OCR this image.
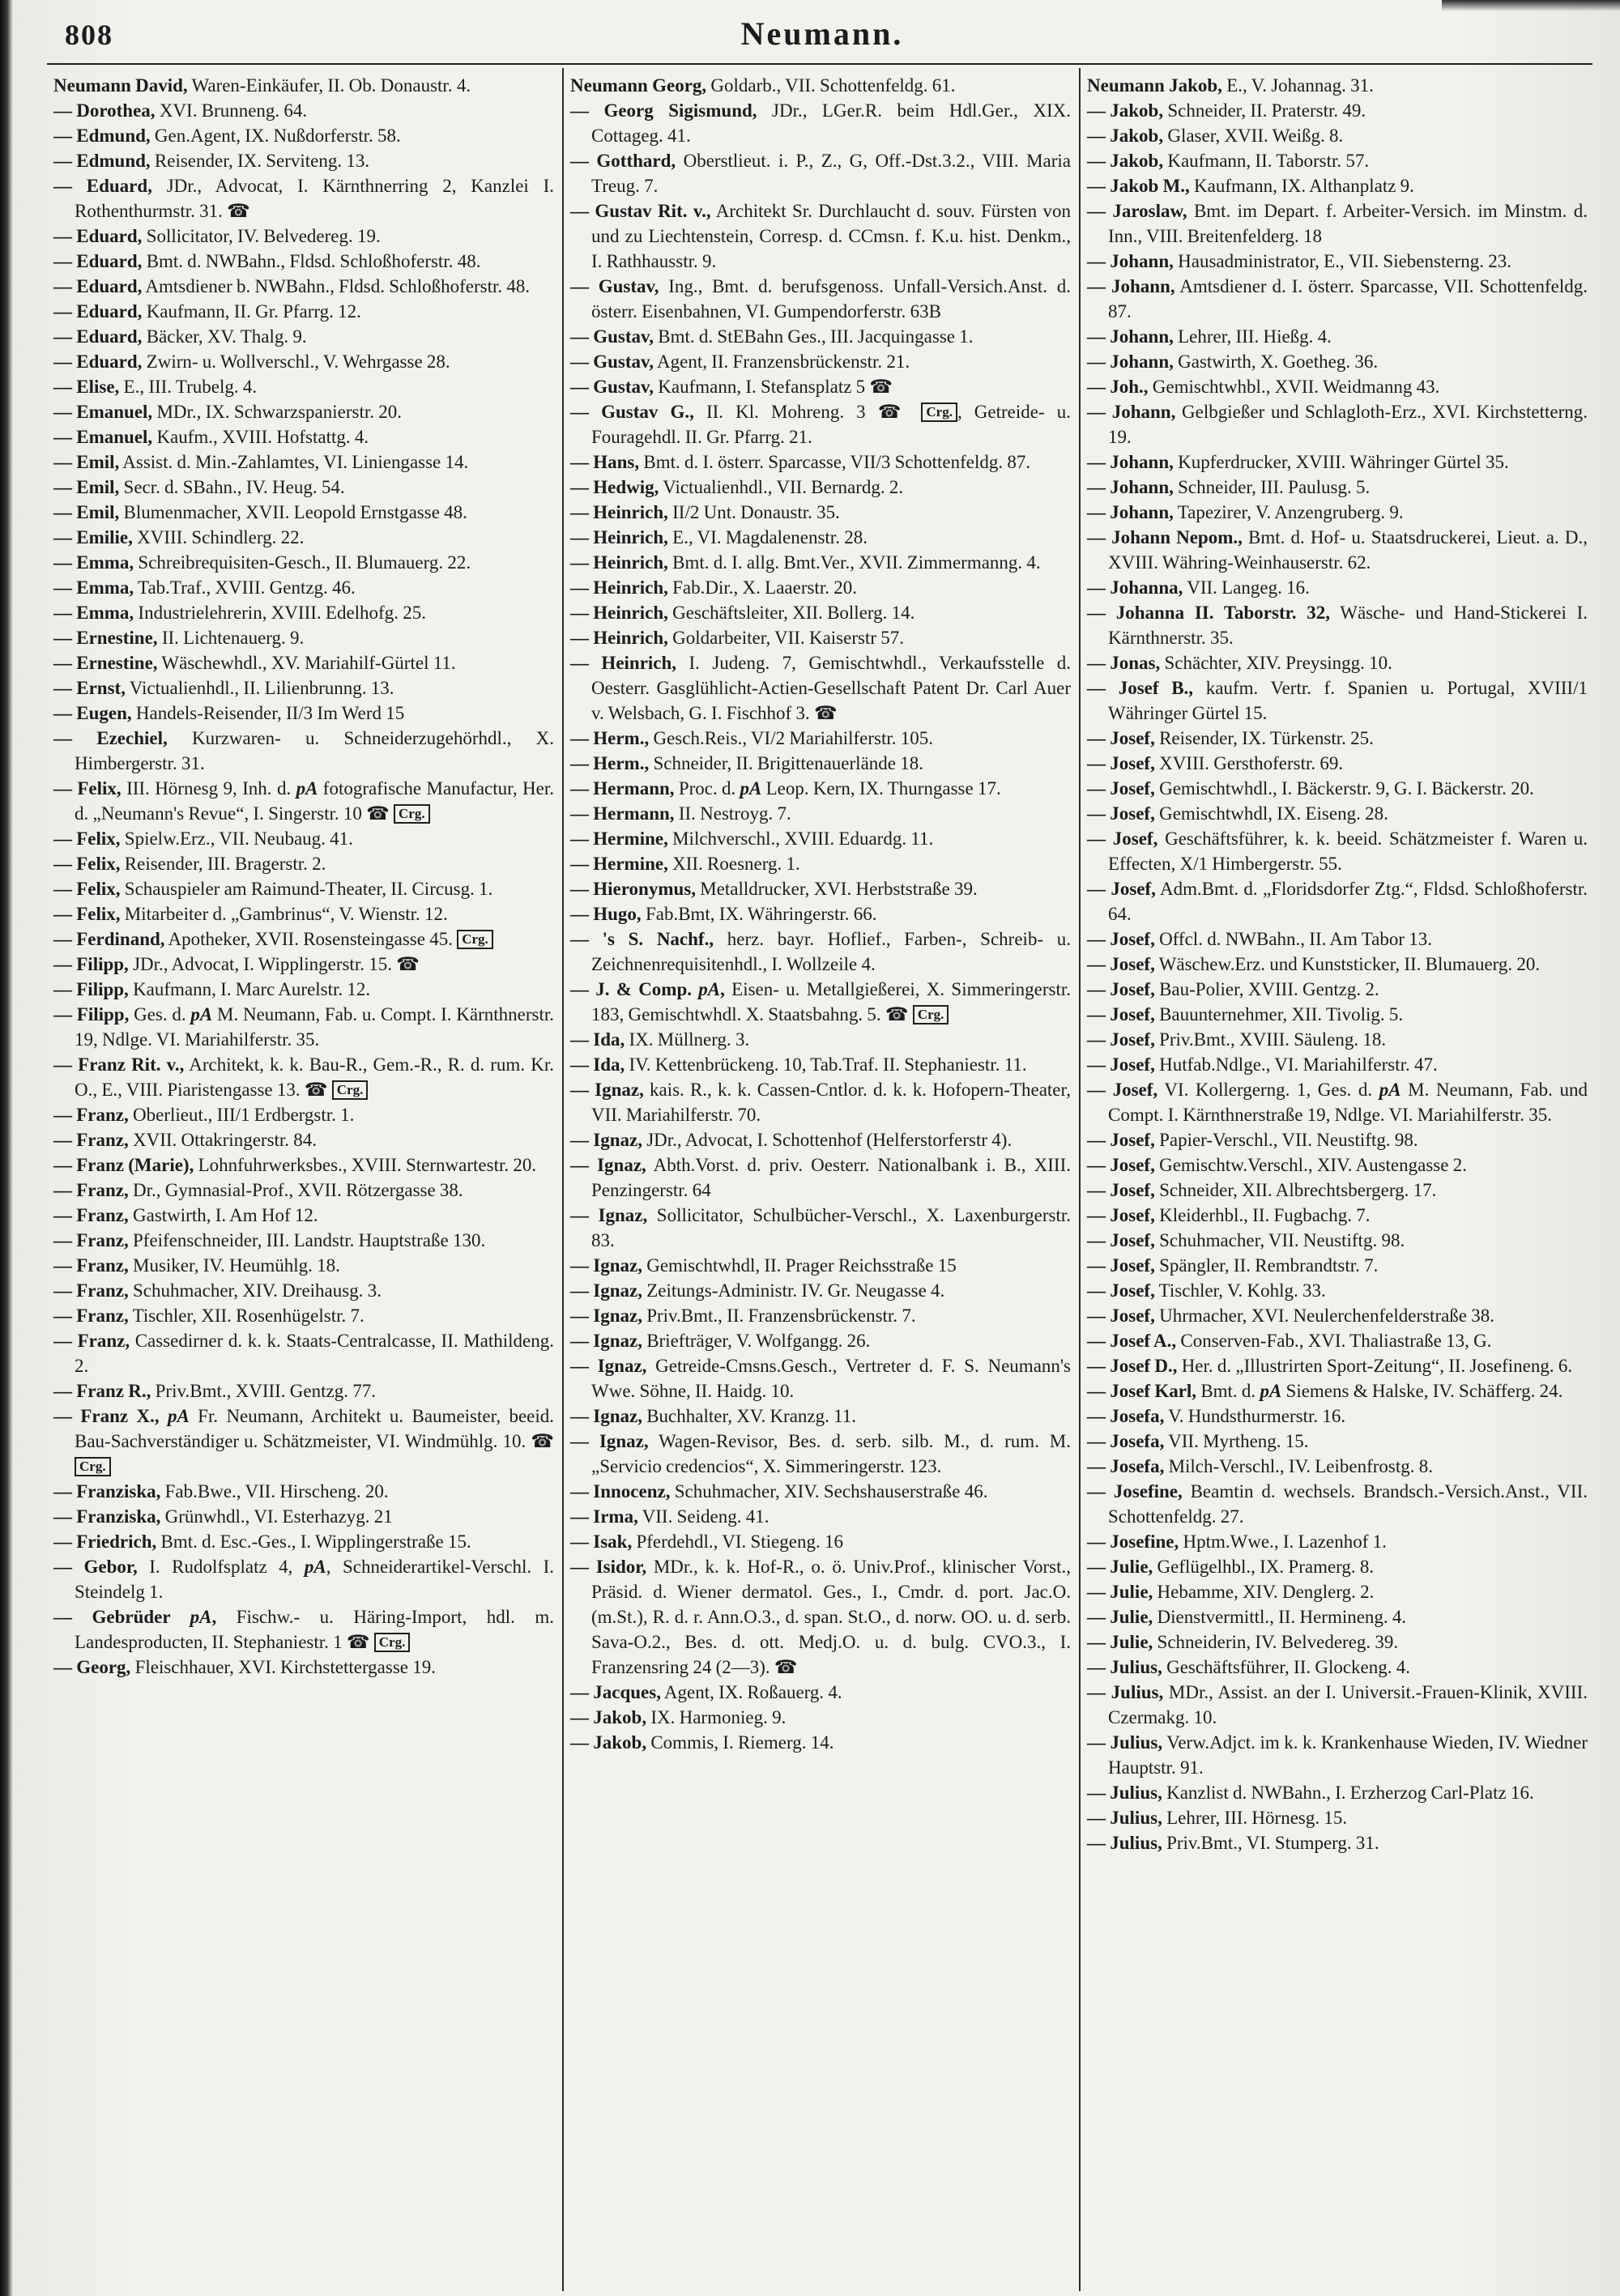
808	Neumann.
Neumann David, Waren-Einkäufer, II. Ob. Donaustr. 4.
— Dorothea, XVI. Brunneng. 64.
— Edmund, Gen.Agent, IX. Nußdorferstr. 58.
— Edmund, Reisender, IX. Serviteng. 13.
— Eduard, JDr., Advocat, I. Kärnthnerring 2, Kanzlei I. Rothenthurmstr. 31. ☎
— Eduard, Sollicitator, IV. Belvedereg. 19.
— Eduard, Bmt. d. NWBahn., Fldsd. Schloßhoferstr. 48.
— Eduard, Amtsdiener b. NWBahn., Fldsd. Schloßhoferstr. 48.
— Eduard, Kaufmann, II. Gr. Pfarrg. 12.
— Eduard, Bäcker, XV. Thalg. 9.
— Eduard, Zwirn- u. Wollverschl., V. Wehrgasse 28.
— Elise, E., III. Trubelg. 4.
— Emanuel, MDr., IX. Schwarzspanierstr. 20.
— Emanuel, Kaufm., XVIII. Hofstattg. 4.
— Emil, Assist. d. Min.-Zahlamtes, VI. Liniengasse 14.
— Emil, Secr. d. SBahn., IV. Heug. 54.
— Emil, Blumenmacher, XVII. Leopold Ernstgasse 48.
— Emilie, XVIII. Schindlerg. 22.
— Emma, Schreibrequisiten-Gesch., II. Blumauerg. 22.
— Emma, Tab.Traf., XVIII. Gentzg. 46.
— Emma, Industrielehrerin, XVIII. Edelhofg. 25.
— Ernestine, II. Lichtenauerg. 9.
— Ernestine, Wäschewhdl., XV. Mariahilf-Gürtel 11.
— Ernst, Victualienhdl., II. Lilienbrunng. 13.
— Eugen, Handels-Reisender, II/3 Im Werd 15
— Ezechiel, Kurzwaren- u. Schneiderzugehörhdl., X. Himbergerstr. 31.
— Felix, III. Hörnesg 9, Inh. d. pA fotografische Manufactur, Her. d. „Neumann's Revue“, I. Singerstr. 10 ☎ Crg.
— Felix, Spielw.Erz., VII. Neubaug. 41.
— Felix, Reisender, III. Bragerstr. 2.
— Felix, Schauspieler am Raimund-Theater, II. Circusg. 1.
— Felix, Mitarbeiter d. „Gambrinus“, V. Wienstr. 12.
— Ferdinand, Apotheker, XVII. Rosensteingasse 45. Crg.
— Filipp, JDr., Advocat, I. Wipplingerstr. 15. ☎
— Filipp, Kaufmann, I. Marc Aurelstr. 12.
— Filipp, Ges. d. pA M. Neumann, Fab. u. Compt. I. Kärnthnerstr. 19, Ndlge. VI. Mariahilferstr. 35.
— Franz Rit. v., Architekt, k. k. Bau-R., Gem.-R., R. d. rum. Kr. O., E., VIII. Piaristengasse 13. ☎ Crg.
— Franz, Oberlieut., III/1 Erdbergstr. 1.
— Franz, XVII. Ottakringerstr. 84.
— Franz (Marie), Lohnfuhrwerksbes., XVIII. Sternwartestr. 20.
— Franz, Dr., Gymnasial-Prof., XVII. Rötzergasse 38.
— Franz, Gastwirth, I. Am Hof 12.
— Franz, Pfeifenschneider, III. Landstr. Hauptstraße 130.
— Franz, Musiker, IV. Heumühlg. 18.
— Franz, Schuhmacher, XIV. Dreihausg. 3.
— Franz, Tischler, XII. Rosenhügelstr. 7.
— Franz, Cassedirner d. k. k. Staats-Centralcasse, II. Mathildeng. 2.
— Franz R., Priv.Bmt., XVIII. Gentzg. 77.
— Franz X., pA Fr. Neumann, Architekt u. Baumeister, beeid. Bau-Sachverständiger u. Schätzmeister, VI. Windmühlg. 10. ☎ Crg.
— Franziska, Fab.Bwe., VII. Hirscheng. 20.
— Franziska, Grünwhdl., VI. Esterhazyg. 21
— Friedrich, Bmt. d. Esc.-Ges., I. Wipplingerstraße 15.
— Gebor, I. Rudolfsplatz 4, pA, Schneiderartikel-Verschl. I. Steindelg 1.
— Gebrüder pA, Fischw.- u. Häring-Import, hdl. m. Landesproducten, II. Stephaniestr. 1 ☎ Crg.
— Georg, Fleischhauer, XVI. Kirchstettergasse 19.
Neumann Georg, Goldarb., VII. Schottenfeldg. 61.
— Georg Sigismund, JDr., LGer.R. beim Hdl.Ger., XIX. Cottageg. 41.
— Gotthard, Oberstlieut. i. P., Z., G, Off.-Dst.3.2., VIII. Maria Treug. 7.
— Gustav Rit. v., Architekt Sr. Durchlaucht d. souv. Fürsten von und zu Liechtenstein, Corresp. d. CCmsn. f. K.u. hist. Denkm., I. Rathhausstr. 9.
— Gustav, Ing., Bmt. d. berufsgenoss. Unfall-Versich.Anst. d. österr. Eisenbahnen, VI. Gumpendorferstr. 63B
— Gustav, Bmt. d. StEBahn Ges., III. Jacquingasse 1.
— Gustav, Agent, II. Franzensbrückenstr. 21.
— Gustav, Kaufmann, I. Stefansplatz 5 ☎
— Gustav G., II. Kl. Mohreng. 3 ☎ Crg. , Getreide- u. Fouragehdl. II. Gr. Pfarrg. 21.
— Hans, Bmt. d. I. österr. Sparcasse, VII/3 Schottenfeldg. 87.
— Hedwig, Victualienhdl., VII. Bernardg. 2.
— Heinrich, II/2 Unt. Donaustr. 35.
— Heinrich, E., VI. Magdalenenstr. 28.
— Heinrich, Bmt. d. I. allg. Bmt.Ver., XVII. Zimmermanng. 4.
— Heinrich, Fab.Dir., X. Laaerstr. 20.
— Heinrich, Geschäftsleiter, XII. Bollerg. 14.
— Heinrich, Goldarbeiter, VII. Kaiserstr 57.
— Heinrich, I. Judeng. 7, Gemischtwhdl., Verkaufsstelle d. Oesterr. Gasglühlicht-Actien-Gesellschaft Patent Dr. Carl Auer v. Welsbach, G. I. Fischhof 3. ☎
— Herm., Gesch.Reis., VI/2 Mariahilferstr. 105.
— Herm., Schneider, II. Brigittenauerlände 18.
— Hermann, Proc. d. pA Leop. Kern, IX. Thurngasse 17.
— Hermann, II. Nestroyg. 7.
— Hermine, Milchverschl., XVIII. Eduardg. 11.
— Hermine, XII. Roesnerg. 1.
— Hieronymus, Metalldrucker, XVI. Herbststraße 39.
— Hugo, Fab.Bmt, IX. Währingerstr. 66.
— 's S. Nachf., herz. bayr. Hoflief., Farben-, Schreib- u. Zeichnenrequisitenhdl., I. Wollzeile 4.
— J. & Comp. pA, Eisen- u. Metallgießerei, X. Simmeringerstr. 183, Gemischtwhdl. X. Staatsbahng. 5. ☎ Crg.
— Ida, IX. Müllnerg. 3.
— Ida, IV. Kettenbrückeng. 10, Tab.Traf. II. Stephaniestr. 11.
— Ignaz, kais. R., k. k. Cassen-Cntlor. d. k. k. Hofopern-Theater, VII. Mariahilferstr. 70.
— Ignaz, JDr., Advocat, I. Schottenhof (Helferstorferstr 4).
— Ignaz, Abth.Vorst. d. priv. Oesterr. Nationalbank i. B., XIII. Penzingerstr. 64
— Ignaz, Sollicitator, Schulbücher-Verschl., X. Laxenburgerstr. 83.
— Ignaz, Gemischtwhdl, II. Prager Reichsstraße 15
— Ignaz, Zeitungs-Administr. IV. Gr. Neugasse 4.
— Ignaz, Priv.Bmt., II. Franzensbrückenstr. 7.
— Ignaz, Briefträger, V. Wolfgangg. 26.
— Ignaz, Getreide-Cmsns.Gesch., Vertreter d. F. S. Neumann's Wwe. Söhne, II. Haidg. 10.
— Ignaz, Buchhalter, XV. Kranzg. 11.
— Ignaz, Wagen-Revisor, Bes. d. serb. silb. M., d. rum. M. „Servicio credencios“, X. Simmeringerstr. 123.
— Innocenz, Schuhmacher, XIV. Sechshauserstraße 46.
— Irma, VII. Seideng. 41.
— Isak, Pferdehdl., VI. Stiegeng. 16
— Isidor, MDr., k. k. Hof-R., o. ö. Univ.Prof., klinischer Vorst., Präsid. d. Wiener dermatol. Ges., I., Cmdr. d. port. Jac.O. (m.St.), R. d. r. Ann.O.3., d. span. St.O., d. norw. OO. u. d. serb. Sava-O.2., Bes. d. ott. Medj.O. u. d. bulg. CVO.3., I. Franzensring 24 (2—3). ☎
— Jacques, Agent, IX. Roßauerg. 4.
— Jakob, IX. Harmonieg. 9.
— Jakob, Commis, I. Riemerg. 14.
Neumann Jakob, E., V. Johannag. 31.
— Jakob, Schneider, II. Praterstr. 49.
— Jakob, Glaser, XVII. Weißg. 8.
— Jakob, Kaufmann, II. Taborstr. 57.
— Jakob M., Kaufmann, IX. Althanplatz 9.
— Jaroslaw, Bmt. im Depart. f. Arbeiter-Versich. im Minstm. d. Inn., VIII. Breitenfelderg. 18
— Johann, Hausadministrator, E., VII. Siebensterng. 23.
— Johann, Amtsdiener d. I. österr. Sparcasse, VII. Schottenfeldg. 87.
— Johann, Lehrer, III. Hießg. 4.
— Johann, Gastwirth, X. Goetheg. 36.
— Joh., Gemischtwhbl., XVII. Weidmanng 43.
— Johann, Gelbgießer und Schlagloth-Erz., XVI. Kirchstetterng. 19.
— Johann, Kupferdrucker, XVIII. Währinger Gürtel 35.
— Johann, Schneider, III. Paulusg. 5.
— Johann, Tapezirer, V. Anzengruberg. 9.
— Johann Nepom., Bmt. d. Hof- u. Staatsdruckerei, Lieut. a. D., XVIII. Währing-Weinhauserstr. 62.
— Johanna, VII. Langeg. 16.
— Johanna II. Taborstr. 32, Wäsche- und Hand-Stickerei I. Kärnthnerstr. 35.
— Jonas, Schächter, XIV. Preysingg. 10.
— Josef B., kaufm. Vertr. f. Spanien u. Portugal, XVIII/1 Währinger Gürtel 15.
— Josef, Reisender, IX. Türkenstr. 25.
— Josef, XVIII. Gersthoferstr. 69.
— Josef, Gemischtwhdl., I. Bäckerstr. 9, G. I. Bäckerstr. 20.
— Josef, Gemischtwhdl, IX. Eiseng. 28.
— Josef, Geschäftsführer, k. k. beeid. Schätzmeister f. Waren u. Effecten, X/1 Himbergerstr. 55.
— Josef, Adm.Bmt. d. „Floridsdorfer Ztg.“, Fldsd. Schloßhoferstr. 64.
— Josef, Offcl. d. NWBahn., II. Am Tabor 13.
— Josef, Wäschew.Erz. und Kunststicker, II. Blumauerg. 20.
— Josef, Bau-Polier, XVIII. Gentzg. 2.
— Josef, Bauunternehmer, XII. Tivolig. 5.
— Josef, Priv.Bmt., XVIII. Säuleng. 18.
— Josef, Hutfab.Ndlge., VI. Mariahilferstr. 47.
— Josef, VI. Kollergerng. 1, Ges. d. pA M. Neumann, Fab. und Compt. I. Kärnthnerstraße 19, Ndlge. VI. Mariahilferstr. 35.
— Josef, Papier-Verschl., VII. Neustiftg. 98.
— Josef, Gemischtw.Verschl., XIV. Austengasse 2.
— Josef, Schneider, XII. Albrechtsbergerg. 17.
— Josef, Kleiderhbl., II. Fugbachg. 7.
— Josef, Schuhmacher, VII. Neustiftg. 98.
— Josef, Spängler, II. Rembrandtstr. 7.
— Josef, Tischler, V. Kohlg. 33.
— Josef, Uhrmacher, XVI. Neulerchenfelderstraße 38.
— Josef A., Conserven-Fab., XVI. Thaliastraße 13, G.
— Josef D., Her. d. „Illustrirten Sport-Zeitung“, II. Josefineng. 6.
— Josef Karl, Bmt. d. pA Siemens & Halske, IV. Schäfferg. 24.
— Josefa, V. Hundsthurmerstr. 16.
— Josefa, VII. Myrtheng. 15.
— Josefa, Milch-Verschl., IV. Leibenfrostg. 8.
— Josefine, Beamtin d. wechsels. Brandsch.-Versich.Anst., VII. Schottenfeldg. 27.
— Josefine, Hptm.Wwe., I. Lazenhof 1.
— Julie, Geflügelhbl., IX. Pramerg. 8.
— Julie, Hebamme, XIV. Denglerg. 2.
— Julie, Dienstvermittl., II. Hermineng. 4.
— Julie, Schneiderin, IV. Belvedereg. 39.
— Julius, Geschäftsführer, II. Glockeng. 4.
— Julius, MDr., Assist. an der I. Universit.-Frauen-Klinik, XVIII. Czermakg. 10.
— Julius, Verw.Adjct. im k. k. Krankenhause Wieden, IV. Wiedner Hauptstr. 91.
— Julius, Kanzlist d. NWBahn., I. Erzherzog Carl-Platz 16.
— Julius, Lehrer, III. Hörnesg. 15.
— Julius, Priv.Bmt., VI. Stumperg. 31.
